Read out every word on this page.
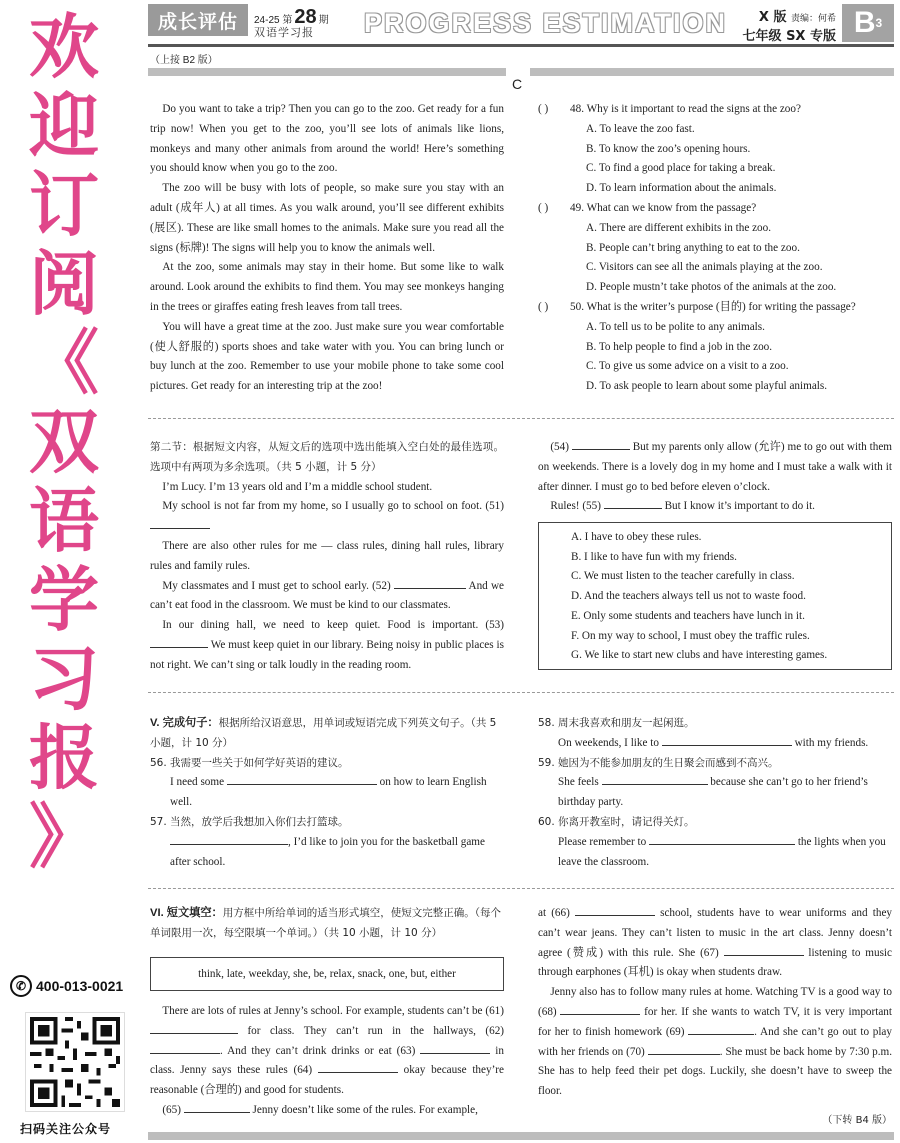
欢
迎
订
阅
《
双
语
学
习
报
》
✆ 400-013-0021
扫码关注公众号
成长评估	24-25 第 28 期
双语学习报 PROGRESS ESTIMATION	X 版 责编：何希
七年级 SX 专版 B 3
（上接 B2 版）
C

Do you want to take a trip? Then you can go to the zoo. Get ready for a fun trip now! When you get to the zoo, you’ll see lots of animals like lions, monkeys and many other animals from around the world! Here’s something you should know when you go to the zoo.

The zoo will be busy with lots of people, so make sure you stay with an adult (成年人) at all times. As you walk around, you’ll see different exhibits (展区). These are like small homes to the animals. Make sure you read all the signs (标牌)! The signs will help you to know the animals well.

At the zoo, some animals may stay in their home. But some like to walk around. Look around the exhibits to find them. You may see monkeys hanging in the trees or giraffes eating fresh leaves from tall trees.

You will have a great time at the zoo. Just make sure you wear comfortable (使人舒服的) sports shoes and take water with you. You can bring lunch or buy lunch at the zoo. Remember to use your mobile phone to take some cool pictures. Get ready for an interesting trip at the zoo!

( )	48. Why is it important to read the signs at the zoo?
A. To leave the zoo fast.
B. To know the zoo’s opening hours.
C. To find a good place for taking a break.
D. To learn information about the animals.
( )	49. What can we know from the passage?
A. There are different exhibits in the zoo.
B. People can’t bring anything to eat to the zoo.
C. Visitors can see all the animals playing at the zoo.
D. People mustn’t take photos of the animals at the zoo.
( )	50. What is the writer’s purpose (目的) for writing the passage?
A. To tell us to be polite to any animals.
B. To help people to find a job in the zoo.
C. To give us some advice on a visit to a zoo.
D. To ask people to learn about some playful animals.

第二节：根据短文内容，从短文后的选项中选出能填入空白处的最佳选项。选项中有两项为多余选项。（共 5 小题，计 5 分）

I’m Lucy. I’m 13 years old and I’m a middle school student.

My school is not far from my home, so I usually go to school on foot. (51)

There are also other rules for me — class rules, dining hall rules, library rules and family rules.

My classmates and I must get to school early. (52)	And we can’t eat food in the classroom. We must be kind to our classmates.

In our dining hall, we need to keep quiet. Food is important. (53)  We must keep quiet in our library. Being noisy in public places is not right. We can’t sing or talk loudly in the reading room.

(54)	But my parents only allow (允许) me to go out with them on weekends. There is a lovely dog in my home and I must take a walk with it after dinner. I must go to bed before eleven o’clock.

Rules! (55)	But I know it’s important to do it.

A. I have to obey these rules.
B. I like to have fun with my friends.
C. We must listen to the teacher carefully in class.
D. And the teachers always tell us not to waste food.
E. Only some students and teachers have lunch in it.
F. On my way to school, I must obey the traffic rules.
G. We like to start new clubs and have interesting games.

V. 完成句子：根据所给汉语意思，用单词或短语完成下列英文句子。（共 5 小题，计 10 分）

56. 我需要一些关于如何学好英语的建议。

I need some	on how to learn English well.

57. 当然，放学后我想加入你们去打篮球。

, I’d like to join you for the basketball game after school.

58. 周末我喜欢和朋友一起闲逛。

On weekends, I like to	with my friends.

59. 她因为不能参加朋友的生日聚会而感到不高兴。

She feels	because she can’t go to her friend’s birthday party.

60. 你离开教室时，请记得关灯。

Please remember to	the lights when you leave the classroom.

VI. 短文填空：用方框中所给单词的适当形式填空，使短文完整正确。（每个单词限用一次，每空限填一个单词。）（共 10 小题，计 10 分）

think, late, weekday, she, be, relax, snack, one, but, either

There are lots of rules at Jenny’s school. For example, students can’t be (61)  for class. They can’t run in the hallways, (62) . And they can’t drink drinks or eat (63)	in class. Jenny says these rules (64)	okay because they’re reasonable (合理的) and good for students.

(65)	Jenny doesn’t like some of the rules. For example,

at (66)	school, students have to wear uniforms and they can’t wear jeans. They can’t listen to music in the art class. Jenny doesn’t agree (赞成) with this rule. She (67)	listening to music through earphones (耳机) is okay when students draw.

Jenny also has to follow many rules at home. Watching TV is a good way to (68)	for her. If she wants to watch TV, it is very important for her to finish homework (69)	. And she can’t go out to play with her friends on (70)	. She must be back home by 7:30 p.m. She has to help feed their pet dogs. Luckily, she doesn’t have to sweep the floor.

（下转 B4 版）
